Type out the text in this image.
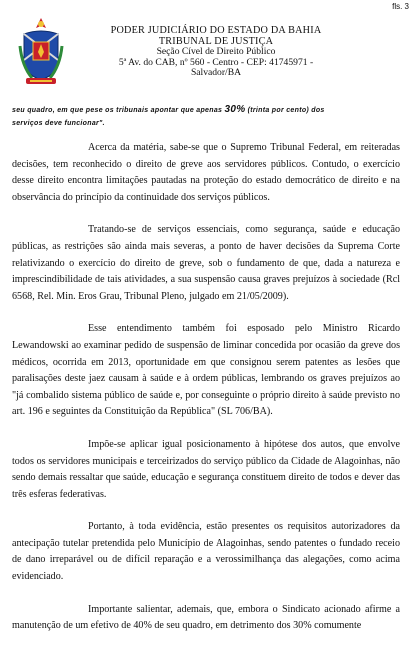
fls. 3
PODER JUDICIÁRIO DO ESTADO DA BAHIA
TRIBUNAL DE JUSTIÇA
Seção Cível de Direito Público
5ª Av. do CAB, nº 560 - Centro - CEP: 41745971 -
Salvador/BA
seu quadro, em que pese os tribunais apontar que apenas 30% (trinta por cento) dos
serviços deve funcionar".

Acerca da matéria, sabe-se que o Supremo Tribunal Federal, em reiteradas decisões, tem reconhecido o direito de greve aos servidores públicos. Contudo, o exercício desse direito encontra limitações pautadas na proteção do estado democrático de direito e na observância do princípio da continuidade dos serviços públicos.

Tratando-se de serviços essenciais, como segurança, saúde e educação públicas, as restrições são ainda mais severas, a ponto de haver decisões da Suprema Corte relativizando o exercício do direito de greve, sob o fundamento de que, dada a natureza e imprescindibilidade de tais atividades, a sua suspensão causa graves prejuízos à sociedade (Rcl 6568, Rel. Min. Eros Grau, Tribunal Pleno, julgado em 21/05/2009).

Esse entendimento também foi esposado pelo Ministro Ricardo Lewandowski ao examinar pedido de suspensão de liminar concedida por ocasião da greve dos médicos, ocorrida em 2013, oportunidade em que consignou serem patentes as lesões que paralisações deste jaez causam à saúde e à ordem públicas, lembrando os graves prejuízos ao "já combalido sistema público de saúde e, por conseguinte o próprio direito à saúde previsto no art. 196 e seguintes da Constituição da República" (SL 706/BA).

Impõe-se aplicar igual posicionamento à hipótese dos autos, que envolve todos os servidores municipais e terceirizados do serviço público da Cidade de Alagoinhas, não sendo demais ressaltar que saúde, educação e segurança constituem direito de todos e dever das três esferas federativas.

Portanto, à toda evidência, estão presentes os requisitos autorizadores da antecipação tutelar pretendida pelo Município de Alagoinhas, sendo patentes o fundado receio de dano irreparável ou de difícil reparação e a verossimilhança das alegações, como acima evidenciado.

Importante salientar, ademais, que, embora o Sindicato acionado afirme a manutenção de um efetivo de 40% de seu quadro, em detrimento dos 30% comumente
